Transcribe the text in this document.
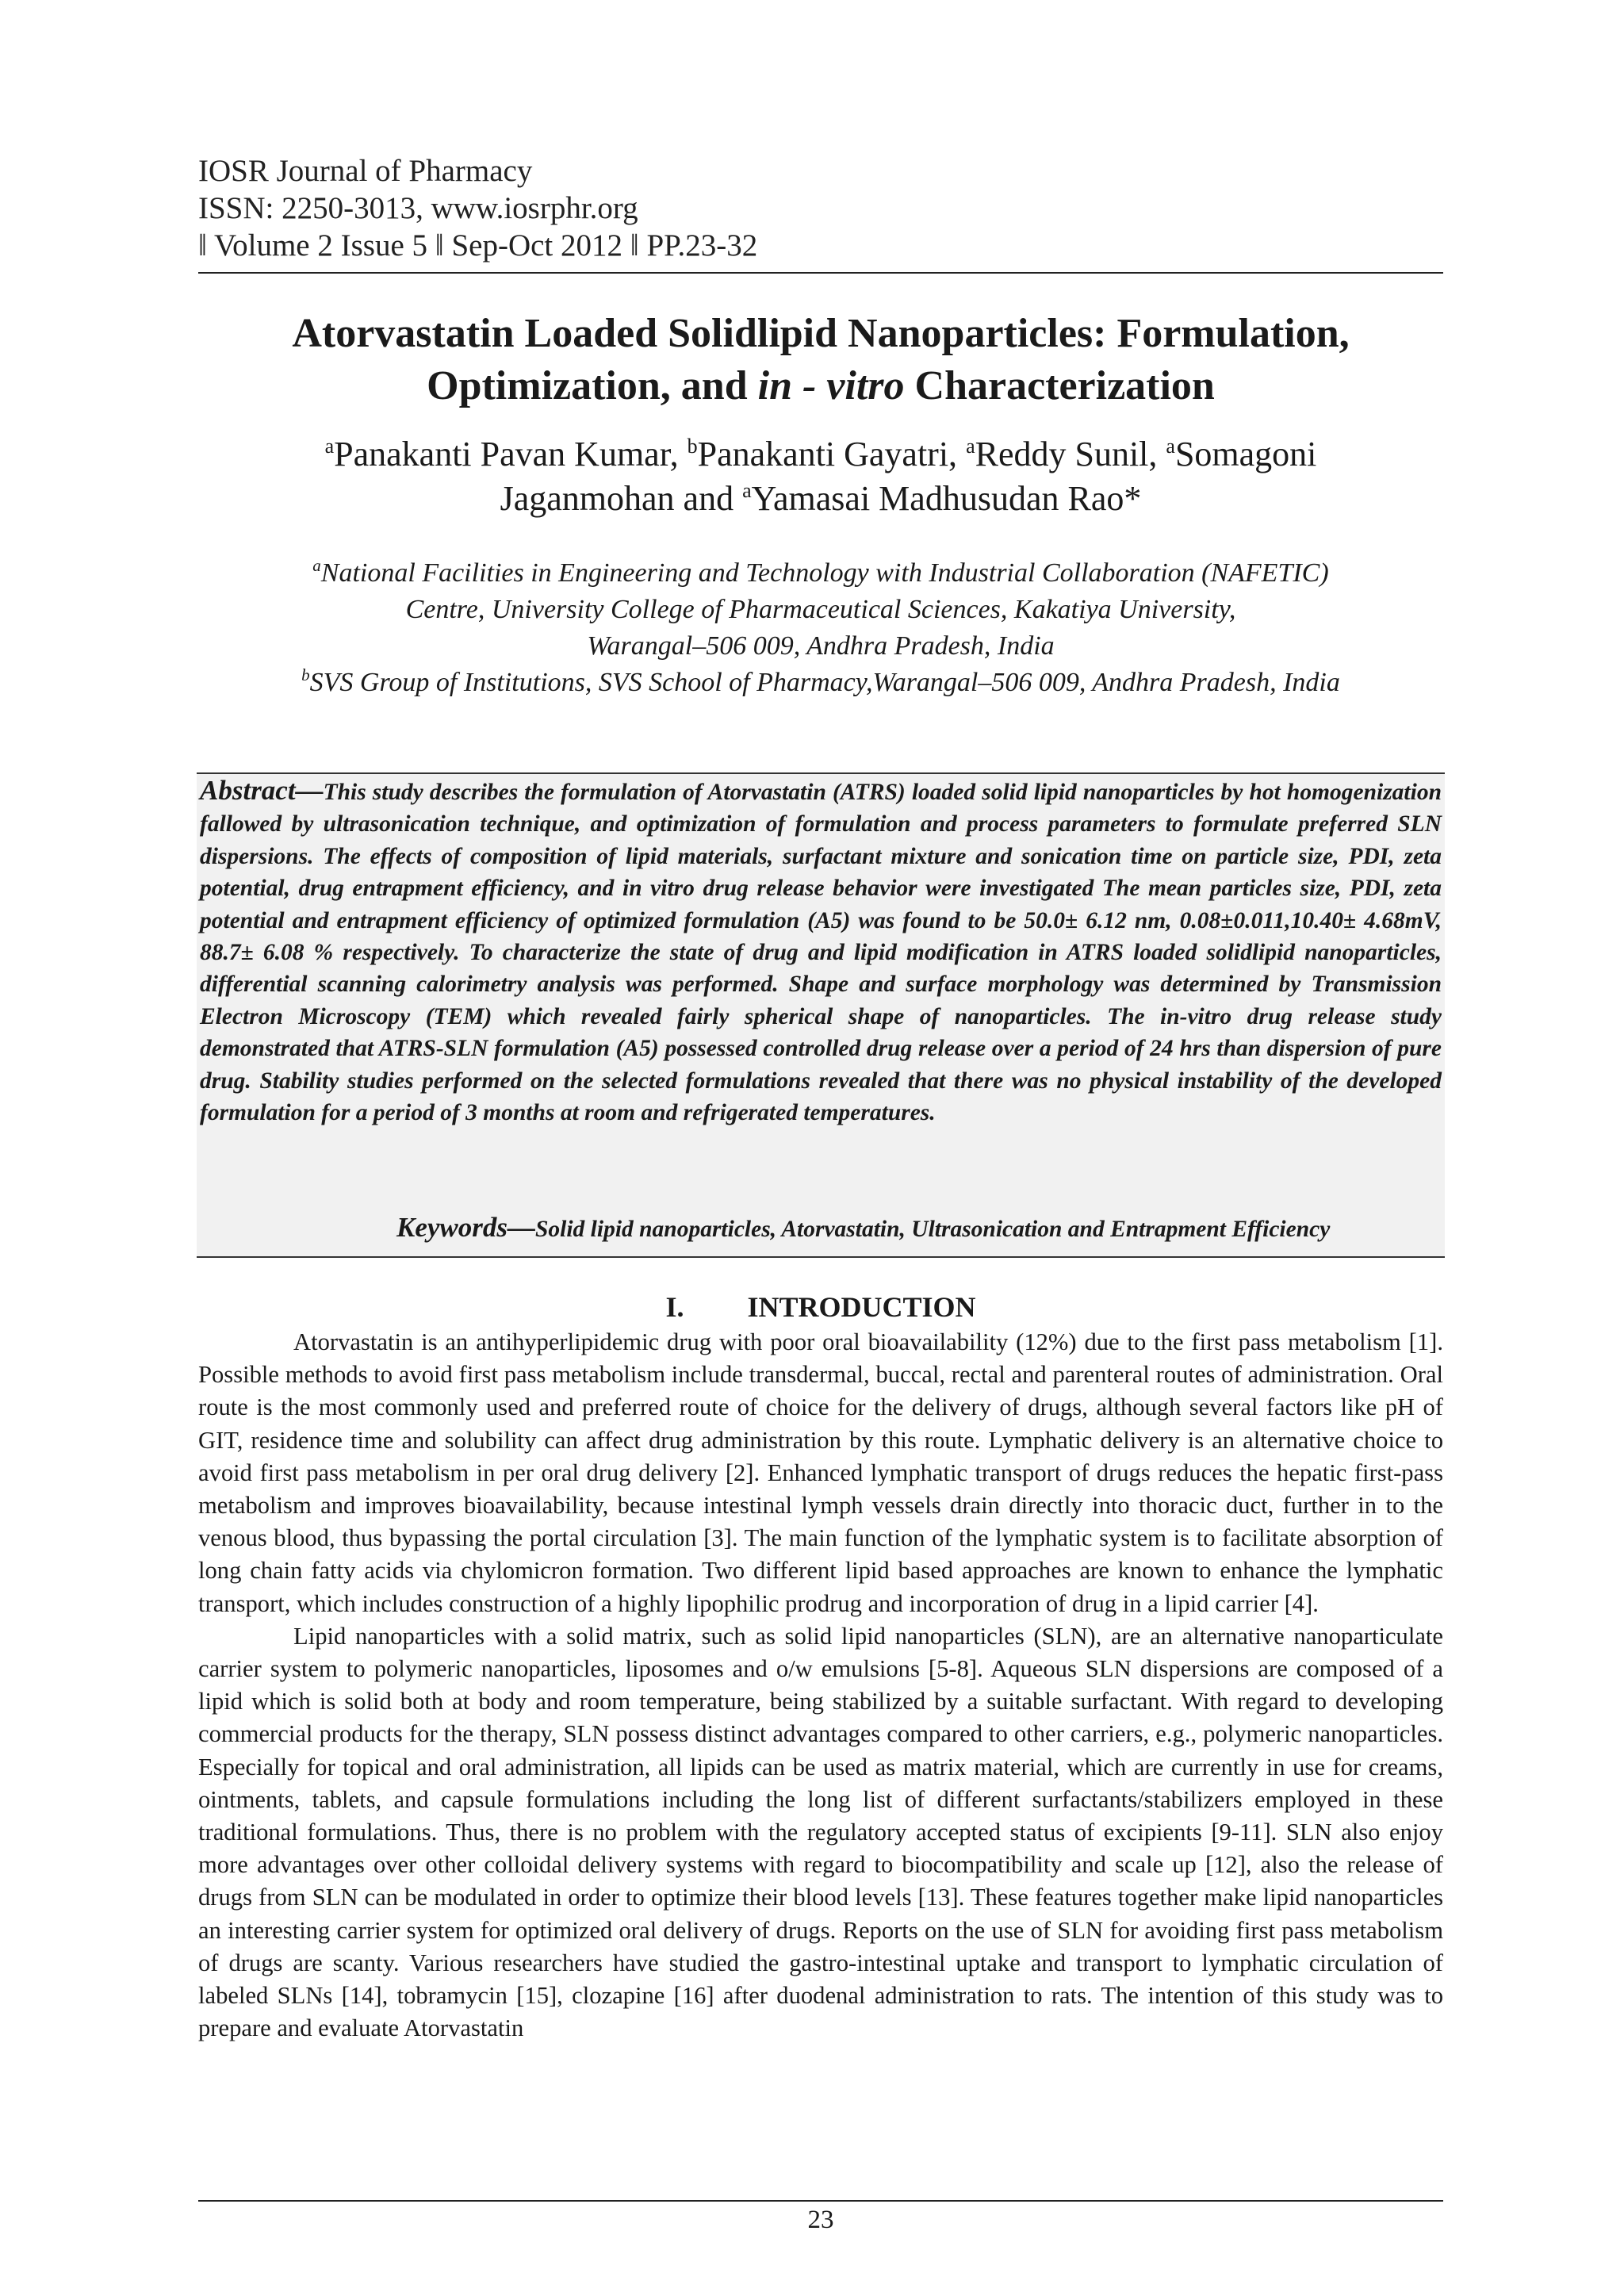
IOSR Journal of Pharmacy
ISSN: 2250-3013, www.iosrphr.org
‖ Volume 2 Issue 5 ‖ Sep-Oct 2012 ‖ PP.23-32
Atorvastatin Loaded Solidlipid Nanoparticles: Formulation,
Optimization, and in - vitro Characterization
$^a$Panakanti Pavan Kumar, $^b$Panakanti Gayatri, $^a$Reddy Sunil, $^a$Somagoni
Jaganmohan and $^a$Yamasai Madhusudan Rao*
$^a$National Facilities in Engineering and Technology with Industrial Collaboration (NAFETIC)
Centre, University College of Pharmaceutical Sciences, Kakatiya University,
Warangal–506 009, Andhra Pradesh, India
$^b$SVS Group of Institutions, SVS School of Pharmacy,Warangal–506 009, Andhra Pradesh, India
Abstract—This study describes the formulation of Atorvastatin (ATRS) loaded solid lipid nanoparticles by hot homogenization fallowed by ultrasonication technique, and optimization of formulation and process parameters to formulate preferred SLN dispersions. The effects of composition of lipid materials, surfactant mixture and sonication time on particle size, PDI, zeta potential, drug entrapment efficiency, and in vitro drug release behavior were investigated The mean particles size, PDI, zeta potential and entrapment efficiency of optimized formulation (A5) was found to be 50.0± 6.12 nm, 0.08±0.011,10.40± 4.68mV, 88.7± 6.08 % respectively. To characterize the state of drug and lipid modification in ATRS loaded solidlipid nanoparticles, differential scanning calorimetry analysis was performed. Shape and surface morphology was determined by Transmission Electron Microscopy (TEM) which revealed fairly spherical shape of nanoparticles. The in-vitro drug release study demonstrated that ATRS-SLN formulation (A5) possessed controlled drug release over a period of 24 hrs than dispersion of pure drug. Stability studies performed on the selected formulations revealed that there was no physical instability of the developed formulation for a period of 3 months at room and refrigerated temperatures.
Keywords—Solid lipid nanoparticles, Atorvastatin, Ultrasonication and Entrapment Efficiency
I. INTRODUCTION

Atorvastatin is an antihyperlipidemic drug with poor oral bioavailability (12%) due to the first pass metabolism [1]. Possible methods to avoid first pass metabolism include transdermal, buccal, rectal and parenteral routes of administration. Oral route is the most commonly used and preferred route of choice for the delivery of drugs, although several factors like pH of GIT, residence time and solubility can affect drug administration by this route. Lymphatic delivery is an alternative choice to avoid first pass metabolism in per oral drug delivery [2]. Enhanced lymphatic transport of drugs reduces the hepatic first-pass metabolism and improves bioavailability, because intestinal lymph vessels drain directly into thoracic duct, further in to the venous blood, thus bypassing the portal circulation [3]. The main function of the lymphatic system is to facilitate absorption of long chain fatty acids via chylomicron formation. Two different lipid based approaches are known to enhance the lymphatic transport, which includes construction of a highly lipophilic prodrug and incorporation of drug in a lipid carrier [4].

Lipid nanoparticles with a solid matrix, such as solid lipid nanoparticles (SLN), are an alternative nanoparticulate carrier system to polymeric nanoparticles, liposomes and o/w emulsions [5-8]. Aqueous SLN dispersions are composed of a lipid which is solid both at body and room temperature, being stabilized by a suitable surfactant. With regard to developing commercial products for the therapy, SLN possess distinct advantages compared to other carriers, e.g., polymeric nanoparticles. Especially for topical and oral administration, all lipids can be used as matrix material, which are currently in use for creams, ointments, tablets, and capsule formulations including the long list of different surfactants/stabilizers employed in these traditional formulations. Thus, there is no problem with the regulatory accepted status of excipients [9-11]. SLN also enjoy more advantages over other colloidal delivery systems with regard to biocompatibility and scale up [12], also the release of drugs from SLN can be modulated in order to optimize their blood levels [13]. These features together make lipid nanoparticles an interesting carrier system for optimized oral delivery of drugs. Reports on the use of SLN for avoiding first pass metabolism of drugs are scanty. Various researchers have studied the gastro-intestinal uptake and transport to lymphatic circulation of labeled SLNs [14], tobramycin [15], clozapine [16] after duodenal administration to rats. The intention of this study was to prepare and evaluate Atorvastatin

23
